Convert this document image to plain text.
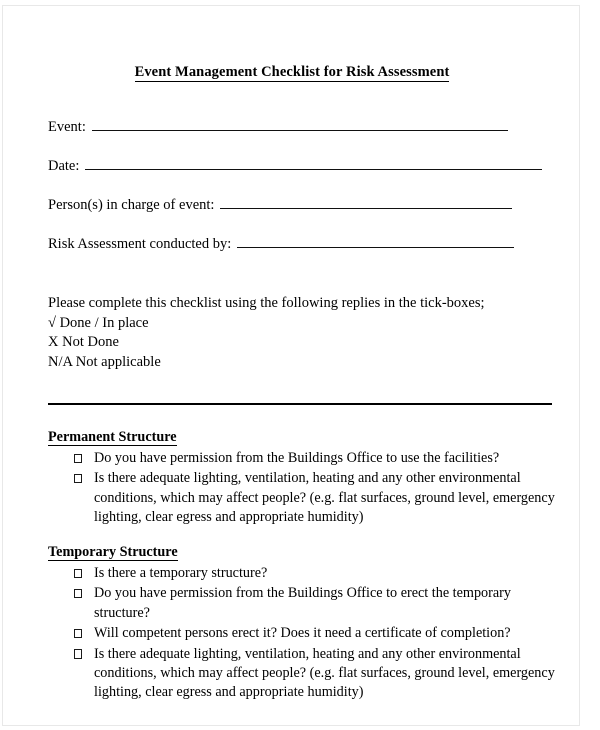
Event Management Checklist for Risk Assessment
Event:
Date:
Person(s) in charge of event:
Risk Assessment conducted by:
Please complete this checklist using the following replies in the tick-boxes;
√ Done / In place
X Not Done
N/A Not applicable
Permanent Structure
Do you have permission from the Buildings Office to use the facilities?
Is there adequate lighting, ventilation, heating and any other environmental conditions, which may affect people? (e.g. flat surfaces, ground level, emergency lighting, clear egress and appropriate humidity)
Temporary Structure
Is there a temporary structure?
Do you have permission from the Buildings Office to erect the temporary structure?
Will competent persons erect it? Does it need a certificate of completion?
Is there adequate lighting, ventilation, heating and any other environmental conditions, which may affect people? (e.g. flat surfaces, ground level, emergency lighting, clear egress and appropriate humidity)
